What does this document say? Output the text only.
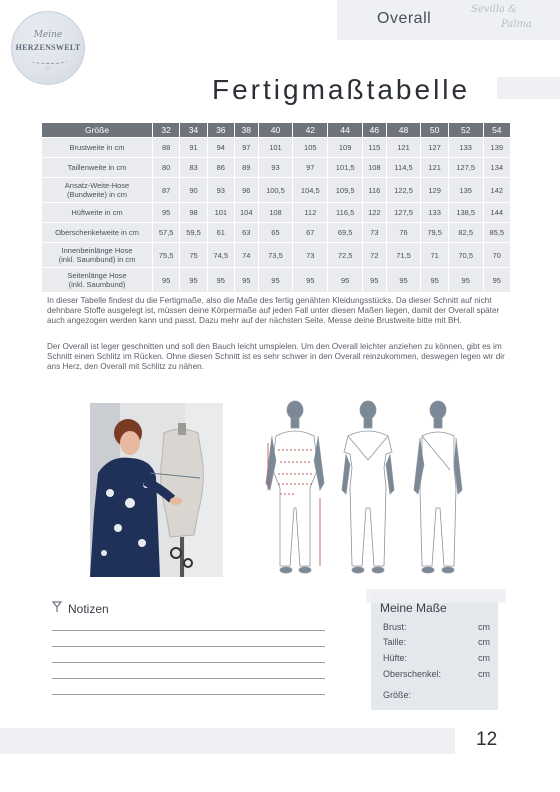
Meine
HERZENSWELT
♡
Overall
Sevilla &
Palma
Fertigmaßtabelle
Größe	32	34	36	38	40	42	44	46	48	50	52	54
Brustweite in cm	88	91	94	97	101	105	109	115	121	127	133	139
Taillenweite in cm	80	83	86	89	93	97	101,5	108	114,5	121	127,5	134
Ansatz-Weite-Hose
(Bundweite) in cm	87	90	93	96	100,5	104,5	109,5	116	122,5	129	135	142
Hüftweite in cm	95	98	101	104	108	112	116,5	122	127,5	133	138,5	144
Oberschenkelweite in cm	57,5	59,5	61	63	65	67	69,5	73	76	79,5	82,5	85,5
Innenbeinlänge Hose
(inkl. Saumbund) in cm	75,5	75	74,5	74	73,5	73	72,5	72	71,5	71	70,5	70
Seitenlänge Hose
(inkl. Saumbund)	95	95	95	95	95	95	95	95	95	95	95	95
In dieser Tabelle findest du die Fertigmaße, also die Maße des fertig genähten Kleidungsstücks. Da dieser Schnitt auf nicht dehnbare Stoffe ausgelegt ist, müssen deine Körpermaße auf jeden Fall unter diesen Maßen liegen, damit der Overall später auch angezogen werden kann und passt. Dazu mehr auf der nächsten Seite. Messe deine Brustweite bitte mit BH.
Der Overall ist leger geschnitten und soll den Bauch leicht umspielen. Um den Overall leichter anziehen zu können, gibt es im Schnitt einen Schlitz im Rücken. Ohne diesen Schnitt ist es sehr schwer in den Overall reinzukommen, deswegen legen wir dir ans Herz, den Overall mit Schlitz zu nähen.
Notizen	Meine Maße
Brust:	cm
Taille:	cm
Hüfte:	cm
Oberschenkel:	cm
Größe:
12
